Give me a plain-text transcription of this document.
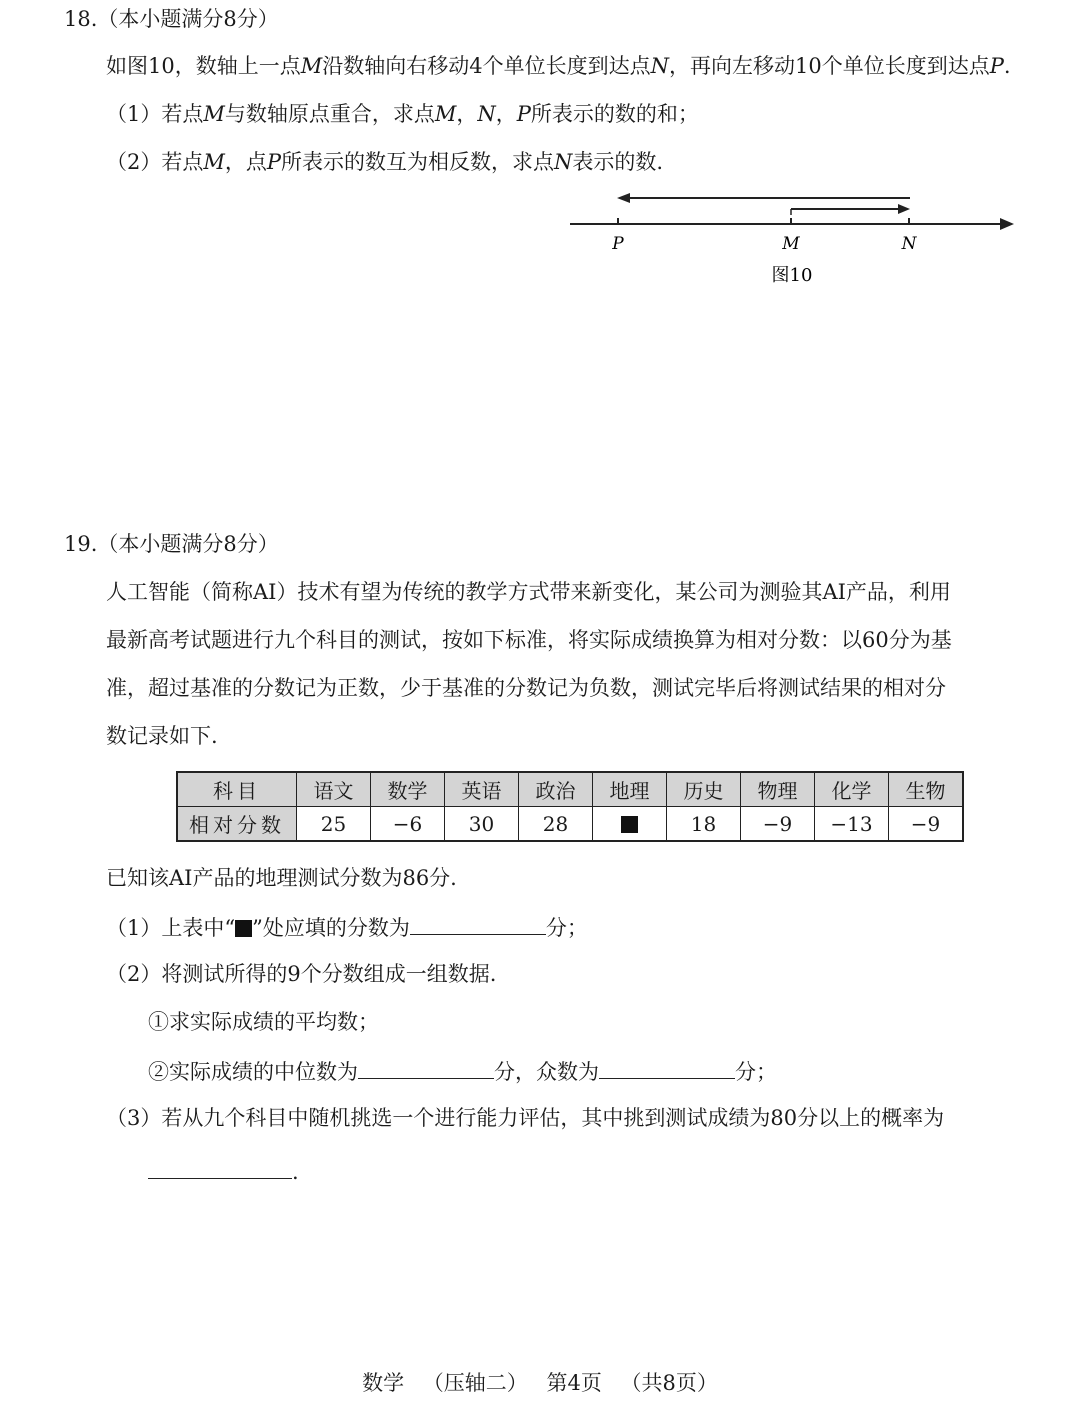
18.（本小题满分8分）
如图10，数轴上一点M沿数轴向右移动4个单位长度到达点N，再向左移动10个单位长度到达点P.
（1）若点M与数轴原点重合，求点M，N，P所表示的数的和；
（2）若点M，点P所表示的数互为相反数，求点N表示的数.
P	M	N
图10
19.（本小题满分8分）
人工智能（简称AI）技术有望为传统的教学方式带来新变化，某公司为测验其AI产品，利用
最新高考试题进行九个科目的测试，按如下标准，将实际成绩换算为相对分数：以60分为基
准，超过基准的分数记为正数，少于基准的分数记为负数，测试完毕后将测试结果的相对分
数记录如下.
科目	语文	数学	英语	政治	地理	历史	物理	化学	生物
相对分数	25	−6	30	28		18	−9	−13	−9
已知该AI产品的地理测试分数为86分.
（1）上表中“ ”处应填的分数为	分；
（2）将测试所得的9个分数组成一组数据.
①求实际成绩的平均数；
②实际成绩的中位数为	分，众数为	分；
（3）若从九个科目中随机挑选一个进行能力评估，其中挑到测试成绩为80分以上的概率为
.
数学 （压轴二） 第4页 （共8页）
